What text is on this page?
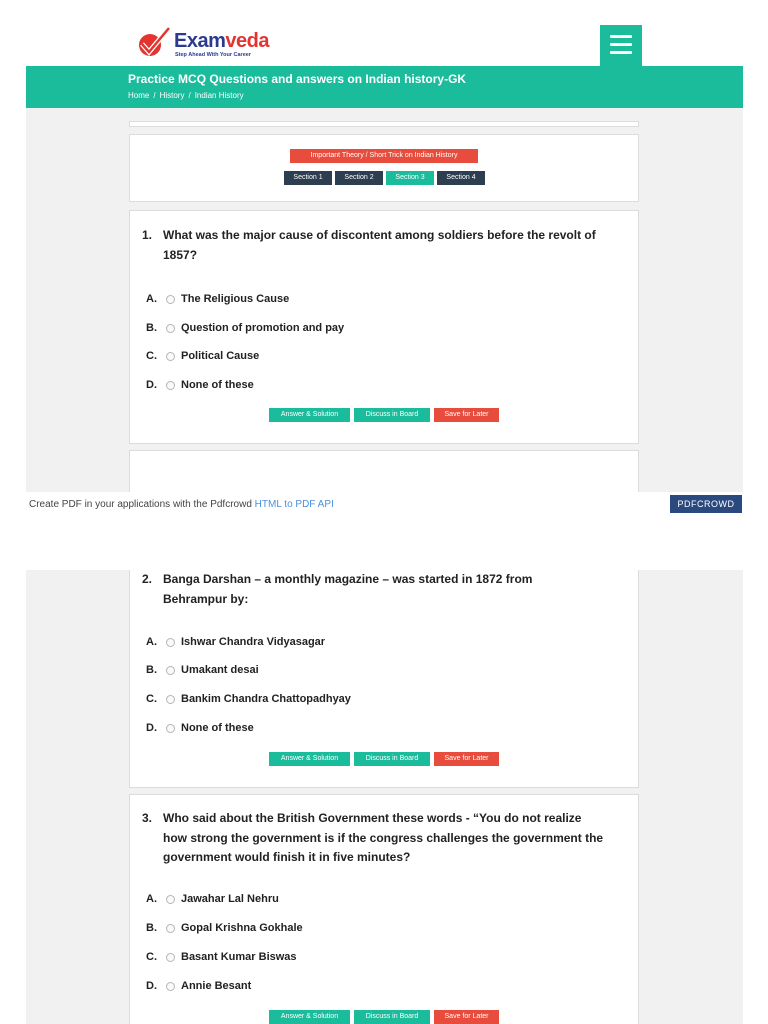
Examveda
Step Ahead With Your Career
Practice MCQ Questions and answers on Indian history-GK
Home / History / Indian History
Important Theory / Short Trick on Indian History
Section 1	Section 2	Section 3	Section 4
1. What was the major cause of discontent among soldiers before the revolt of 1857?
A. The Religious Cause
B. Question of promotion and pay
C. Political Cause
D. None of these
Answer & Solution	Discuss in Board	Save for Later
Create PDF in your applications with the Pdfcrowd HTML to PDF API	PDFCROWD
2. Banga Darshan – a monthly magazine – was started in 1872 from Behrampur by:
A. Ishwar Chandra Vidyasagar
B. Umakant desai
C. Bankim Chandra Chattopadhyay
D. None of these
Answer & Solution	Discuss in Board	Save for Later
3. Who said about the British Government these words - “You do not realize how strong the government is if the congress challenges the government the government would finish it in five minutes?
A. Jawahar Lal Nehru
B. Gopal Krishna Gokhale
C. Basant Kumar Biswas
D. Annie Besant
Answer & Solution	Discuss in Board	Save for Later
